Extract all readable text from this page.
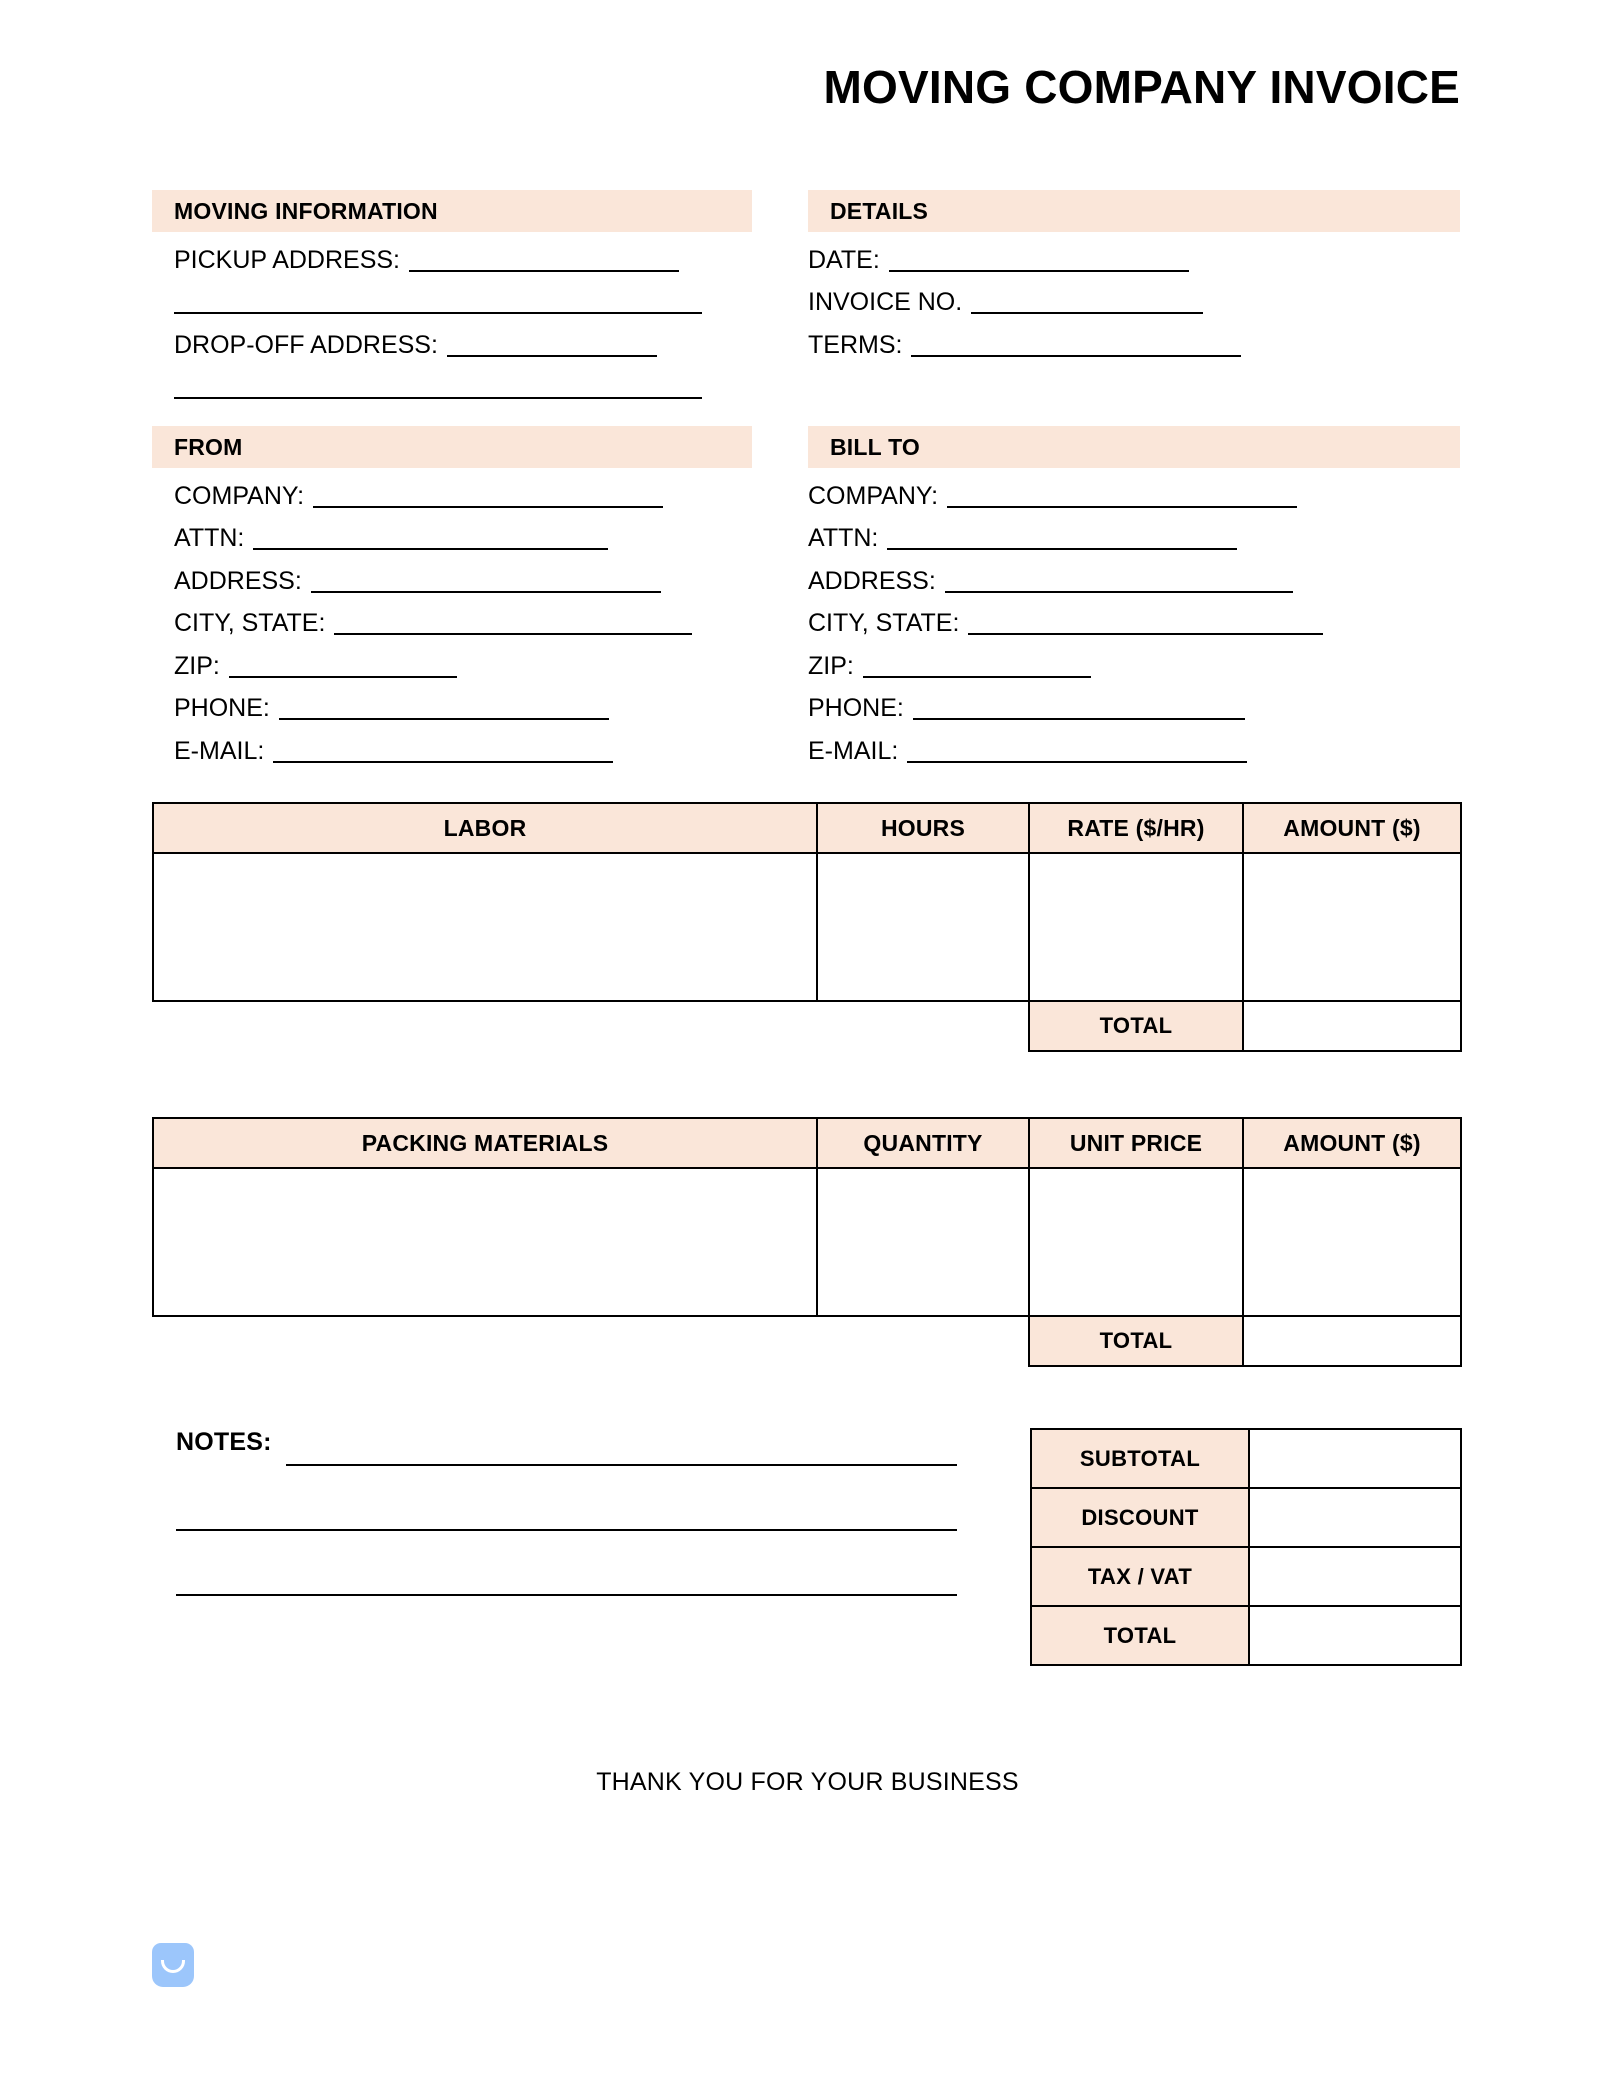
MOVING COMPANY INVOICE
MOVING INFORMATION
PICKUP ADDRESS:
DROP-OFF ADDRESS:
DETAILS
DATE:
INVOICE NO.
TERMS:
FROM
COMPANY:
ATTN:
ADDRESS:
CITY, STATE:
ZIP:
PHONE:
E-MAIL:
BILL TO
COMPANY:
ATTN:
ADDRESS:
CITY, STATE:
ZIP:
PHONE:
E-MAIL:
LABOR	HOURS	RATE ($/HR)	AMOUNT ($)

		TOTAL	
PACKING MATERIALS	QUANTITY	UNIT PRICE	AMOUNT ($)

		TOTAL	
NOTES:
SUBTOTAL	
DISCOUNT	
TAX / VAT	
TOTAL	
THANK YOU FOR YOUR BUSINESS
